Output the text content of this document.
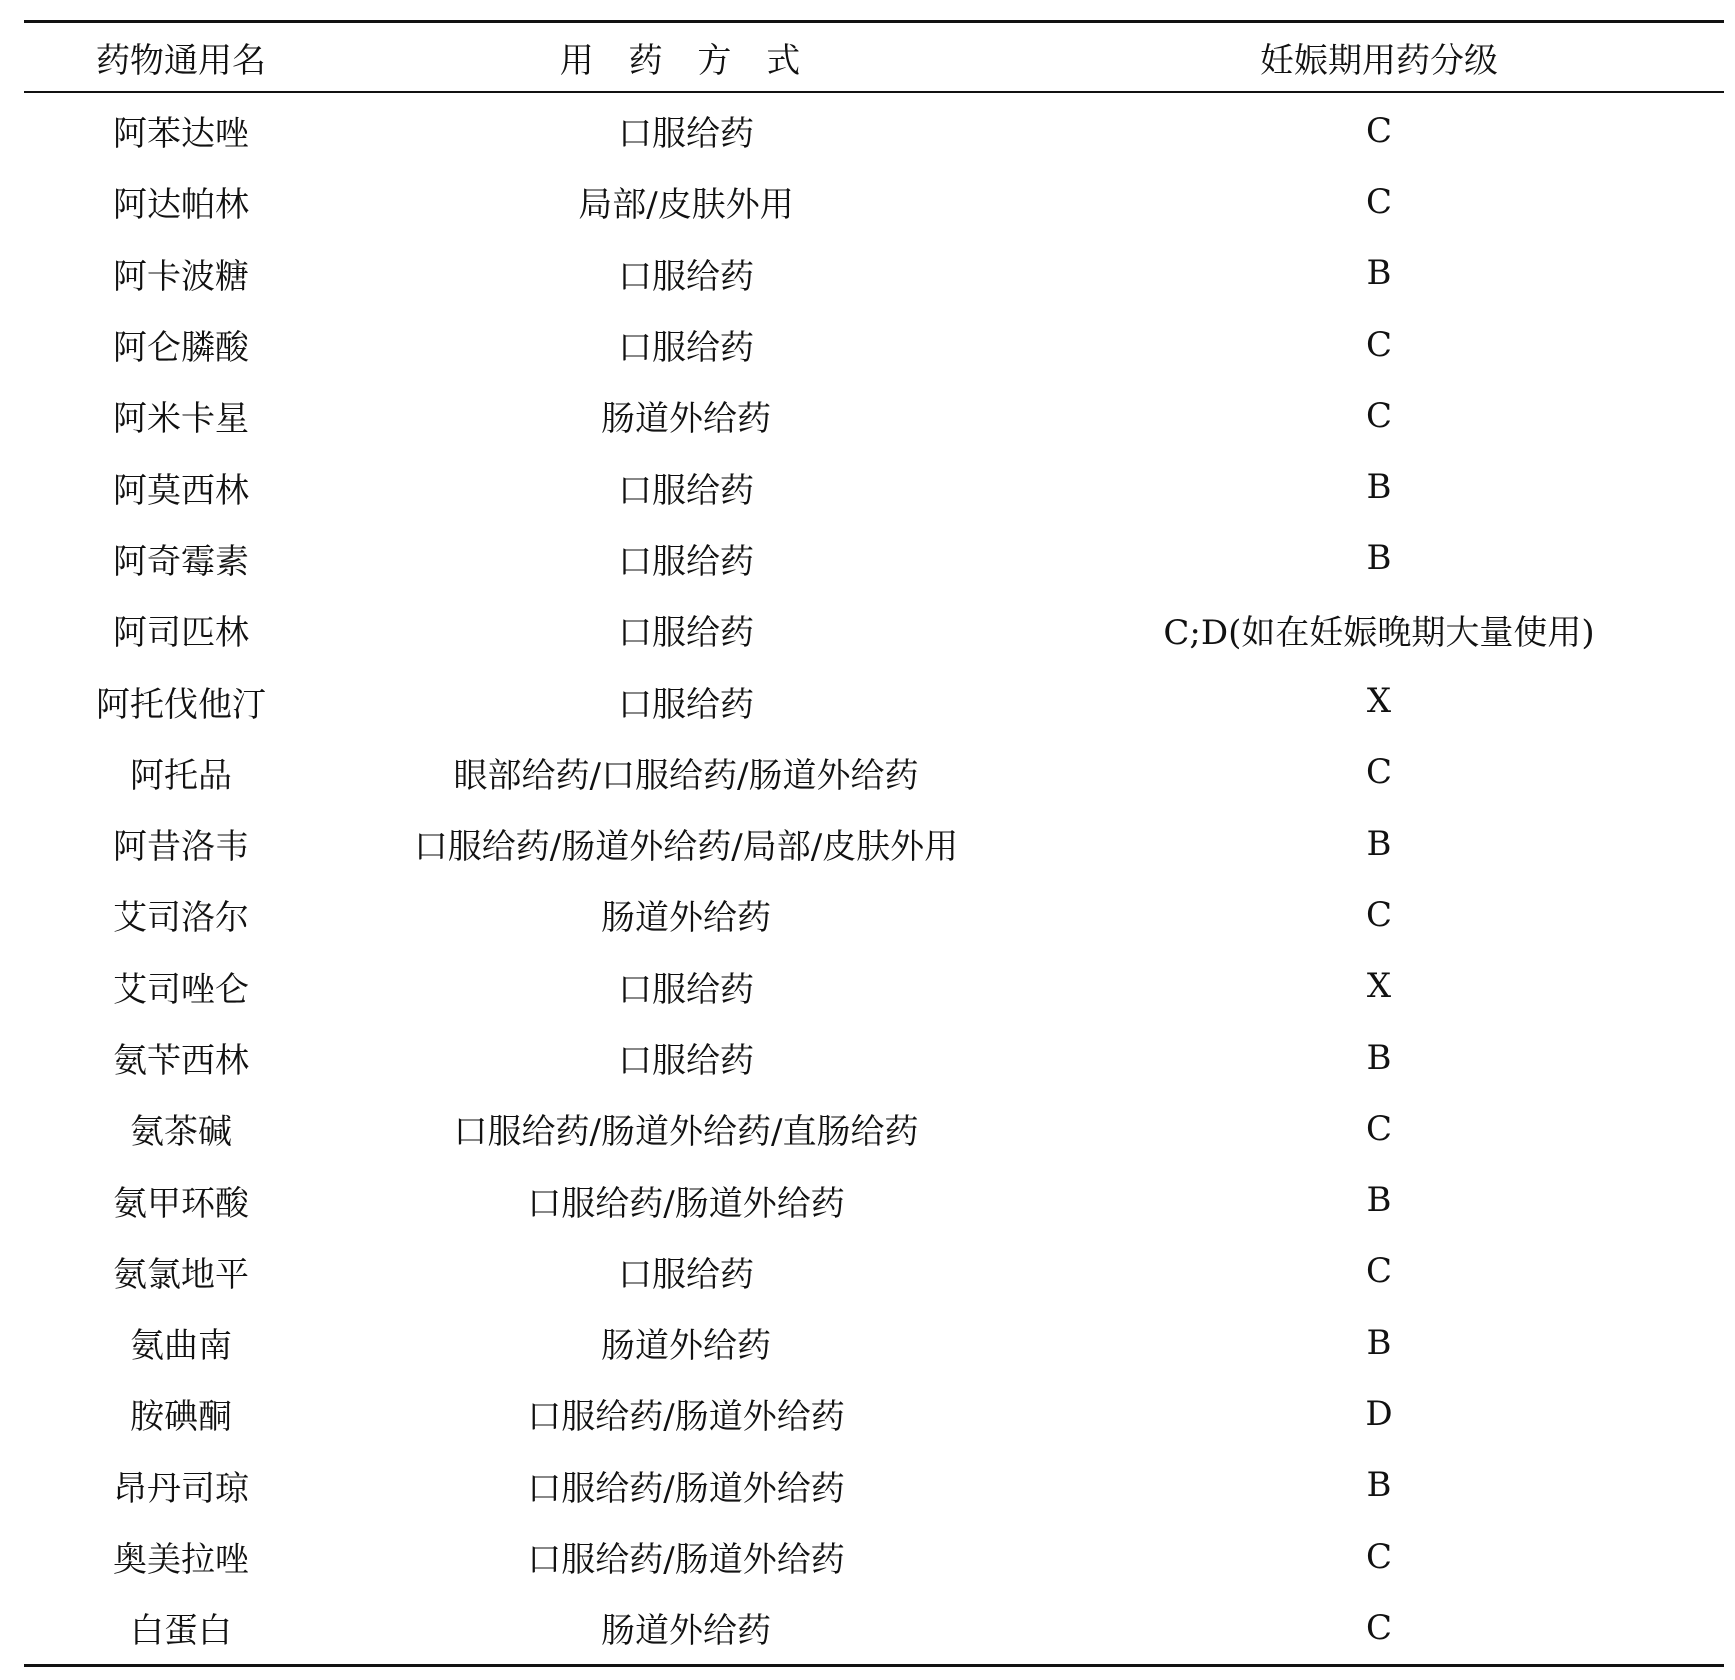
药物通用名	用 药 方 式	妊娠期用药分级
阿苯达唑	口服给药	C
阿达帕林	局部/皮肤外用	C
阿卡波糖	口服给药	B
阿仑膦酸	口服给药	C
阿米卡星	肠道外给药	C
阿莫西林	口服给药	B
阿奇霉素	口服给药	B
阿司匹林	口服给药	C;D(如在妊娠晚期大量使用)
阿托伐他汀	口服给药	X
阿托品	眼部给药/口服给药/肠道外给药	C
阿昔洛韦	口服给药/肠道外给药/局部/皮肤外用	B
艾司洛尔	肠道外给药	C
艾司唑仑	口服给药	X
氨苄西林	口服给药	B
氨茶碱	口服给药/肠道外给药/直肠给药	C
氨甲环酸	口服给药/肠道外给药	B
氨氯地平	口服给药	C
氨曲南	肠道外给药	B
胺碘酮	口服给药/肠道外给药	D
昂丹司琼	口服给药/肠道外给药	B
奥美拉唑	口服给药/肠道外给药	C
白蛋白	肠道外给药	C
